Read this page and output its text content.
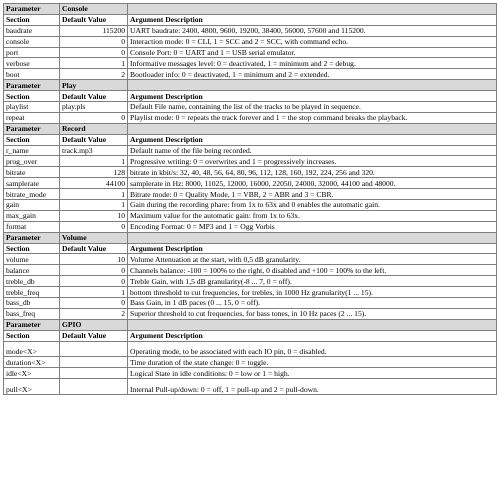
Parameter	Console	
Section	Default Value	Argument Description
baudrate	115200	UART baudrate: 2400, 4800, 9600, 19200, 38400, 56000, 57600 and 115200.
console	0	Interaction mode: 0 = CLI, 1 = SCC and 2 = SCC, with command echo.
port	0	Console Port: 0 = UART and 1 = USB serial emulator.
verbose	1	Informative messages level: 0 = deactivated, 1 = minimum and 2 = debug.
boot	2	Bootloader info: 0 = deactivated, 1 = minimum and 2 = extended.
Parameter	Play	
Section	Default Value	Argument Description
playlist	play.pls	Default File name, containing the list of the tracks to be played in sequence.
repeat	0	Playlist mode: 0 = repeats the track forever and 1 = the stop command breaks the playback.
Parameter	Record	
Section	Default Value	Argument Description
r_name	track.mp3	Default name of the file being recorded.
prog_over	1	Progressive writing: 0 = overwrites and 1 = progressively increases.
bitrate	128	bitrate in kbit/s: 32, 40, 48, 56, 64, 80, 96, 112, 128, 160, 192, 224, 256 and 320.
samplerate	44100	samplerate in Hz: 8000, 11025, 12000, 16000, 22050, 24000, 32000, 44100 and 48000.
bitrate_mode	1	Bitrate mode: 0 = Quality Mode, 1 = VBR, 2 = ABR and 3 = CBR.
gain	1	Gain during the recording phare: from 1x to 63x and 0 enables the automatic gain.
max_gain	10	Maximum value for the automatic gain: from 1x to 63x.
format	0	Encoding Format: 0 = MP3 and 1 = Ogg Vorbis
Parameter	Volume	
Section	Default Value	Argument Description
volume	10	Volume Attenuation at the start, with 0,5 dB granularity.
balance	0	Channels balance: -100 = 100% to the right, 0 disabled and +100 = 100% to the left.
treble_db	0	Treble Gain, with 1,5 dB granularity(-8 ... 7, 0 = off).
treble_freq	1	bottom threshold to cut frequencies, for trebles, in 1000 Hz granularity(1 ... 15).
bass_db	0	Bass Gain, in 1 dB paces (0 ... 15, 0 = off).
bass_freq	2	Superior threshold to cut frequencies, for bass tones, in 10 Hz paces (2 ... 15).
Parameter	GPIO	
Section	Default Value	Argument Description
mode<X>		Operating mode, to be associated with each IO pin, 0 = disabled.
duration<X>		Time duration of the state change: 0 = toggle.
idle<X>		Logical State in idle conditions: 0 = low or 1 = high.
pull<X>		Internal Pull-up/down: 0 = off, 1 = pull-up and 2 = pull-down.
